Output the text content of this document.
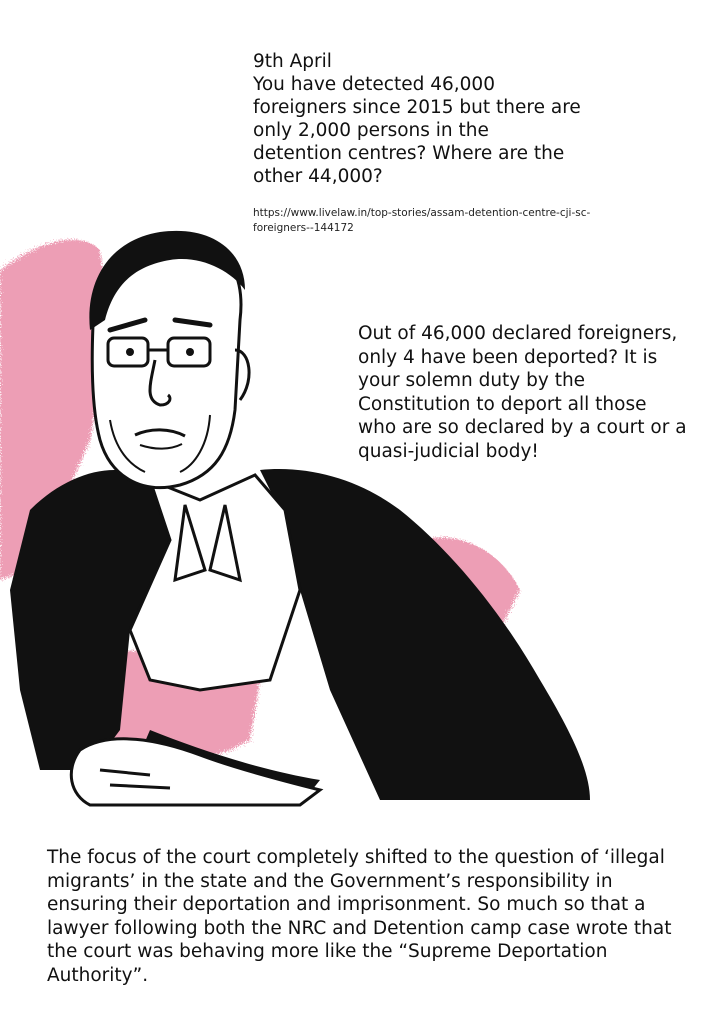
9th April

You have detected 46,000 foreigners since 2015 but there are only 2,000 persons in the detention centres? Where are the other 44,000?

https://www.livelaw.in/top-stories/assam-detention-centre-cji-sc-foreigners--144172
Out of 46,000 declared foreigners, only 4 have been deported? It is your solemn duty by the Constitution to deport all those who are so declared by a court or a quasi-judicial body!
The focus of the court completely shifted to the question of ‘illegal migrants’ in the state and the Government’s responsibility in ensuring their deportation and imprisonment. So much so that a lawyer following both the NRC and Detention camp case wrote that the court was behaving more like the “Supreme Deportation Authority”.
